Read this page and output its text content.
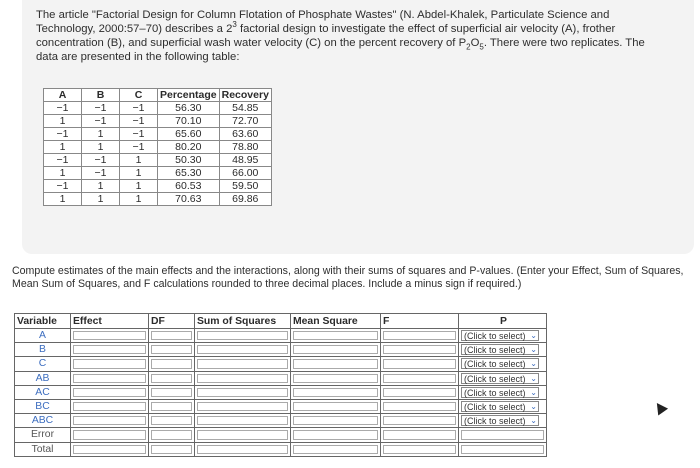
The article "Factorial Design for Column Flotation of Phosphate Wastes" (N. Abdel-Khalek, Particulate Science and
Technology, 2000:57–70) describes a $2^3$ factorial design to investigate the effect of superficial air velocity (A), frother
concentration (B), and superficial wash water velocity (C) on the percent recovery of $P_2O_5$. There were two replicates. The
data are presented in the following table:
A	B	C	Percentage	Recovery
−1	−1	−1	56.30	54.85
1	−1	−1	70.10	72.70
−1	1	−1	65.60	63.60
1	1	−1	80.20	78.80
−1	−1	1	50.30	48.95
1	−1	1	65.30	66.00
−1	1	1	60.53	59.50
1	1	1	70.63	69.86
Compute estimates of the main effects and the interactions, along with their sums of squares and P-values. (Enter your Effect, Sum of Squares, Mean Sum of Squares, and F calculations rounded to three decimal places. Include a minus sign if required.)
Variable	Effect	DF	Sum of Squares	Mean Square	F	P
A						(Click to select) ⌄

B						(Click to select) ⌄

C						(Click to select) ⌄

AB						(Click to select) ⌄

AC						(Click to select) ⌄

BC						(Click to select) ⌄

ABC						(Click to select) ⌄

Error						
Total						
